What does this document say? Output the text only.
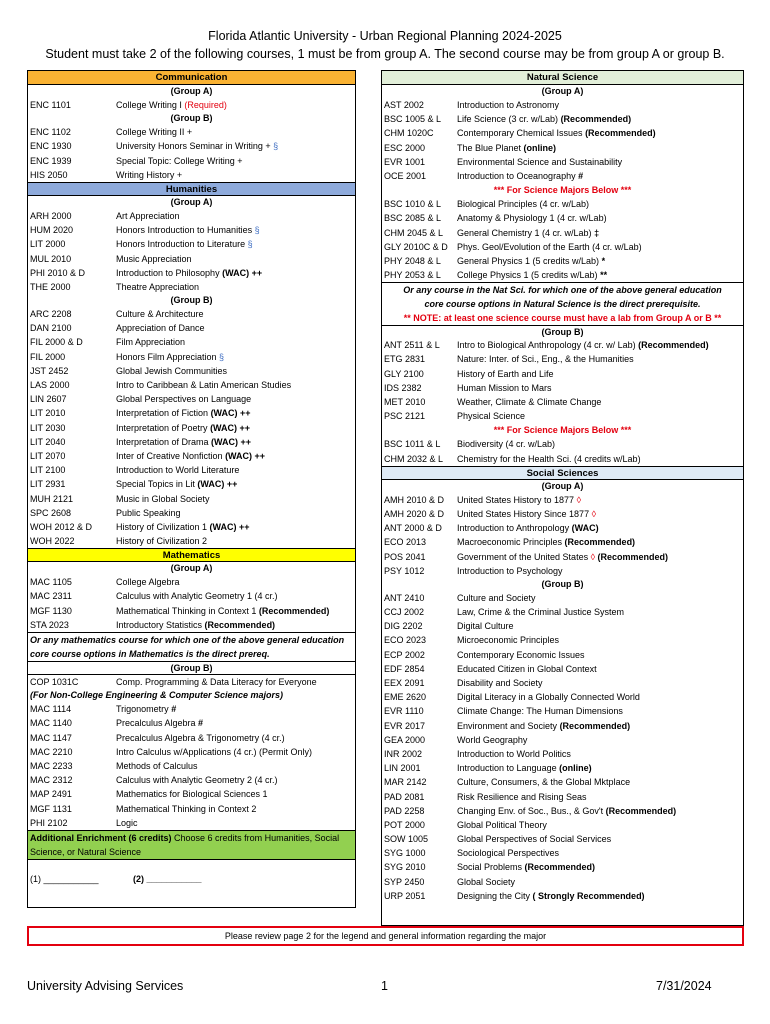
Florida Atlantic University - Urban Regional Planning 2024-2025
Student must take 2 of the following courses, 1 must be from group A. The second course may be from group A or group B.
Communication
(Group A)
ENC 1101	College Writing I (Required)
(Group B)
ENC 1102	College Writing II +
ENC 1930	University Honors Seminar in Writing + §
ENC 1939	Special Topic: College Writing +
HIS 2050	Writing History +
Humanities
(Group A)
ARH 2000	Art Appreciation
HUM 2020	Honors Introduction to Humanities §
LIT 2000	Honors Introduction to Literature §
MUL 2010	Music Appreciation
PHI 2010 & D	Introduction to Philosophy (WAC) ++
THE 2000	Theatre Appreciation
(Group B)
ARC 2208	Culture & Architecture
DAN 2100	Appreciation of Dance
FIL 2000 & D	Film Appreciation
FIL 2000	Honors Film Appreciation §
JST 2452	Global Jewish Communities
LAS 2000	Intro to Caribbean & Latin American Studies
LIN 2607	Global Perspectives on Language
LIT 2010	Interpretation of Fiction (WAC) ++
LIT 2030	Interpretation of Poetry (WAC) ++
LIT 2040	Interpretation of Drama (WAC) ++
LIT 2070	Inter of Creative Nonfiction (WAC) ++
LIT 2100	Introduction to World Literature
LIT 2931	Special Topics in Lit (WAC) ++
MUH 2121	Music in Global Society
SPC 2608	Public Speaking
WOH 2012 & D	History of Civilization 1 (WAC) ++
WOH 2022	History of Civilization 2
Mathematics
(Group A)
MAC 1105	College Algebra
MAC 2311	Calculus with Analytic Geometry 1 (4 cr.)
MGF 1130	Mathematical Thinking in Context 1 (Recommended)
STA 2023	Introductory Statistics (Recommended)
Or any mathematics course for which one of the above general education core course options in Mathematics is the direct prereq.
(Group B)
COP 1031C	Comp. Programming & Data Literacy for Everyone
(For Non-College Engineering & Computer Science majors)
MAC 1114	Trigonometry #
MAC 1140	Precalculus Algebra #
MAC 1147	Precalculus Algebra & Trigonometry (4 cr.)
MAC 2210	Intro Calculus w/Applications (4 cr.) (Permit Only)
MAC 2233	Methods of Calculus
MAC 2312	Calculus with Analytic Geometry 2 (4 cr.)
MAP 2491	Mathematics for Biological Sciences 1
MGF 1131	Mathematical Thinking in Context 2
PHI 2102	Logic
Additional Enrichment (6 credits) Choose 6 credits from Humanities, Social Science, or Natural Science
(1) ___________	(2) ___________
Natural Science
(Group A)
AST 2002	Introduction to Astronomy
BSC 1005 & L	Life Science (3 cr. w/Lab) (Recommended)
CHM 1020C	Contemporary Chemical Issues (Recommended)
ESC 2000	The Blue Planet (online)
EVR 1001	Environmental Science and Sustainability
OCE 2001	Introduction to Oceanography #
*** For Science Majors Below ***
BSC 1010 & L	Biological Principles (4 cr. w/Lab)
BSC 2085 & L	Anatomy & Physiology 1 (4 cr. w/Lab)
CHM 2045 & L	General Chemistry 1 (4 cr. w/Lab) ‡
GLY 2010C & D	Phys. Geol/Evolution of the Earth (4 cr. w/Lab)
PHY 2048 & L	General Physics 1 (5 credits w/Lab) *
PHY 2053 & L	College Physics 1 (5 credits w/Lab) **
Or any course in the Nat Sci. for which one of the above general education core course options in Natural Science is the direct prerequisite.
** NOTE: at least one science course must have a lab from Group A or B **
(Group B)
ANT 2511 & L	Intro to Biological Anthropology (4 cr. w/ Lab) (Recommended)
ETG 2831	Nature: Inter. of Sci., Eng., & the Humanities
GLY 2100	History of Earth and Life
IDS 2382	Human Mission to Mars
MET 2010	Weather, Climate & Climate Change
PSC 2121	Physical Science
*** For Science Majors Below ***
BSC 1011 & L	Biodiversity (4 cr. w/Lab)
CHM 2032 & L	Chemistry for the Health Sci. (4 credits w/Lab)
Social Sciences
(Group A)
AMH 2010 & D	United States History to 1877 ◊
AMH 2020 & D	United States History Since 1877 ◊
ANT 2000 & D	Introduction to Anthropology (WAC)
ECO 2013	Macroeconomic Principles (Recommended)
POS 2041	Government of the United States ◊ (Recommended)
PSY 1012	Introduction to Psychology
(Group B)
ANT 2410	Culture and Society
CCJ 2002	Law, Crime & the Criminal Justice System
DIG 2202	Digital Culture
ECO 2023	Microeconomic Principles
ECP 2002	Contemporary Economic Issues
EDF 2854	Educated Citizen in Global Context
EEX 2091	Disability and Society
EME 2620	Digital Literacy in a Globally Connected World
EVR 1110	Climate Change: The Human Dimensions
EVR 2017	Environment and Society (Recommended)
GEA 2000	World Geography
INR 2002	Introduction to World Politics
LIN 2001	Introduction to Language (online)
MAR 2142	Culture, Consumers, & the Global Mktplace
PAD 2081	Risk Resilience and Rising Seas
PAD 2258	Changing Env. of Soc., Bus., & Gov't (Recommended)
POT 2000	Global Political Theory
SOW 1005	Global Perspectives of Social Services
SYG 1000	Sociological Perspectives
SYG 2010	Social Problems (Recommended)
SYP 2450	Global Society
URP 2051	Designing the City ( Strongly Recommended)
Please review page 2 for the legend and general information regarding the major
University Advising Services	1	7/31/2024
